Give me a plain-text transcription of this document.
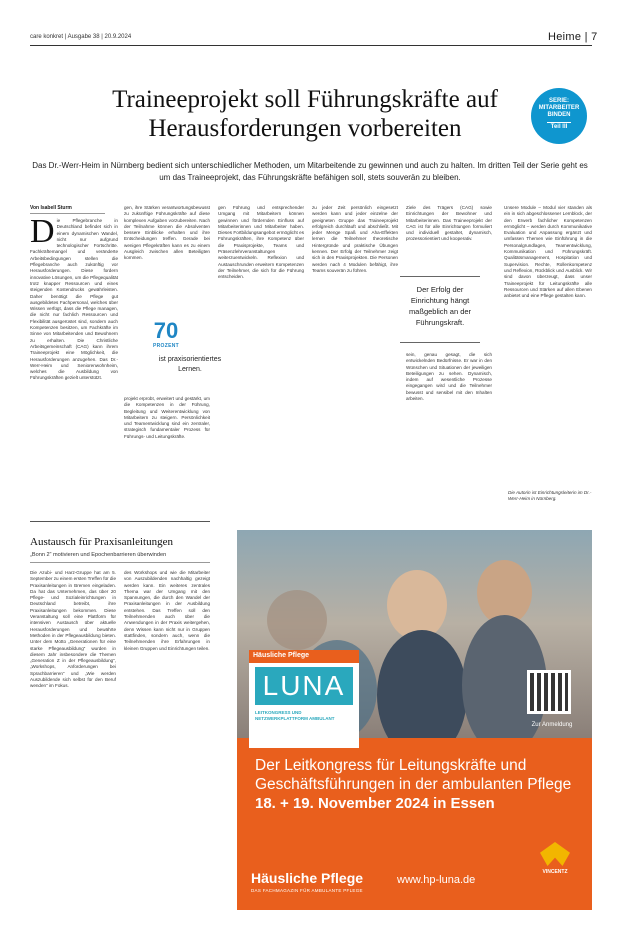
care konkret | Ausgabe 38 | 20.9.2024	Heime | 7
Traineeprojekt soll Führungskräfte auf Herausforderungen vorbereiten
SERIE:
MITARBEITER
BINDEN
Teil III

Das Dr.-Werr-Heim in Nürnberg bedient sich unterschiedlicher Methoden, um Mitarbeitende zu gewinnen und auch zu halten. Im dritten Teil der Serie geht es um das Traineeprojekt, das Führungskräfte befähigen soll, stets souverän zu bleiben.

Von Isabell Sturm
Die Pflegebranche in Deutschland befindet sich in einem dynamischen Wandel, nicht nur aufgrund technologischer Fortschritte. Fachkräftemangel und veränderte Arbeitsbedingungen stellen die Pflegebranche auch zukünftig vor Herausforderungen. Diese fordern innovative Lösungen, um die Pflegequalität trotz knapper Ressourcen und eines steigenden Kostendrucks gewährleisten. Daher benötigt die Pflege gut ausgebildetes Fachpersonal, welches über Wissen verfügt, dass die Pflege managen, die nicht nur fachlich Ressourcen und Flexibilität ausgerüstet sind, sondern auch Kompetenzen besitzen, um Fachkräfte im Sinne von Mitarbeitenden und Bewohnern zu erhalten. Die Christliche Arbeitsgemeinschaft (CAG) kann ihrem Traineeprojekt eine Möglichkeit, die Herausforderungen anzugehen. Das Dr.-Werr-Heim und Seniorenwohnheim, welches die Ausbildung von Führungskräften gezielt unterstützt.
gen, ihre Stärken verantwortungsbewusst zu zukünftige Führungskräfte auf diese komplexen Aufgaben vorzubereiten. Nach der Teilnahme können die Absolventen bessere Einblicke erhalten und ihre Entscheidungen treffen. Gerade bei wenigen Pflegekräften kann es zu einem Ausgleich zwischen allen Beteiligten kommen.
70
PROZENT
ist praxisorientiertes Lernen.
projekt erprobt, erweitert und gestärkt, um die Kompetenzen in der Führung, Begleitung und Weiterentwicklung von Mitarbeitern zu steigern. Persönlichkeit und Teamentwicklung sind ein zentraler, strategisch fundamentaler Prozess für Führungs- und Leitungskräfte.
gen Führung und entsprechender Umgang mit Mitarbeitern können gewinnen und fördernden Einfluss auf Mitarbeiterinnen und Mitarbeiter haben. Dieses Fortbildungsangebot ermöglicht es Führungskräften, ihre Kompetenz über die Praxisprojekte, Teams und Präsenzlehrveranstaltungen weiterzuentwickeln. Reflexion und Austauschrunden erweitern Kompetenzen der Teilnehmer, die sich für die Führung entscheiden.
zu jeder Zeit persönlich eingesetzt werden kann und jeder einzelne der geeigneten Gruppe das Traineeprojekt erfolgreich durchläuft und abschließt. Mit jeder Menge Spaß und Aha-Effekten lernen die Teilnehmer theoretische Hintergründe und praktische Übungen kennen. Der Erfolg der Teilnehmer zeigt sich in den Praxisprojekten. Die Personen werden nach 4 Modulen befähigt, ihre Teams souverän zu führen.
Ziele des Trägers (CAG) sowie Einrichtungen der Bewohner und Mitarbeiterinnen. Das Traineeprojekt der CAG ist für alle Einrichtungen formuliert und individuell gestaltet, dynamisch, prozessorientiert und kooperativ.
Der Erfolg der Einrichtung hängt maßgeblich an der Führungskraft.
sein, genau gesagt, die sich entwickelnden Bedürfnisse. Er war in den Wünschen und Situationen der jeweiligen Beteiligungen zu sehen. Dynamisch, indem auf wesentliche Prozesse eingegangen wird und die Teilnehmer bewusst und sensibel mit den Inhalten arbeiten.
Unsere Module – Modul vier standen als ein in sich abgeschlossener Lernblock, der den Erwerb fachlicher Kompetenzen ermöglicht – werden durch Kommunikative Evaluation und Anpassung ergänzt und umfassen Themen wie Einführung in die Personalgrundlagen, Teamentwicklung, Kommunikation und Führungskräft. Qualitätsmanagement, Hospitation und Supervision. Rechte, Rollenkompetenz und Reflexion, Rückblick und Ausblick. Wir sind davon überzeugt, dass unser Traineeprojekt für Leitungskräfte alle Ressourcen und Stärken auf allen Ebenen anbietet und eine Pflege gestalten kann.
Die Autorin ist Einrichtungsleiterin im Dr.-Werr-Heim in Nürnberg.
Austausch für Praxisanleitungen
„Bonn 2“ motivieren und Epochenbarrieren überwinden
Die Azubi- und Harz-Gruppe hat am 5. September zu einem ersten Treffen für die Praxisanleitungen in Bremen eingeladen. Da hat das Unternehmen, das über 20 Pflege- und Sozialeinrichtungen in Deutschland betreibt, ihre Praxisanleitungen bekommen. Diese Veranstaltung soll eine Plattform für intensiven Austausch über aktuelle Herausforderungen und bewährte Methoden in der Pflegeausbildung bieten. Unter dem Motto „Generationen für eine starke Pflegeausbildung“ wurden in diesem Jahr insbesondere die Themen „Generation Z in der Pflegeausbildung“, „Workshops, Anforderungen bei Sprachbarrieren“ und „Wie werden Auszubildende sich selbst für den Beruf wenden“ im Fokus.
des Workshops und wie die Mitarbeiter von Auszubildenden nachhaltig gezeigt werden kann. Ein weiteres zentrales Thema war der Umgang mit den Spannungen, die durch den Wandel der Praxisanleitungen in der Ausbildung entstehen. Das Treffen soll den Teilnehmenden auch über die Anwendungen in der Praxis weitergehen, denn Wissen kann nicht nur in Gruppen stattfinden, sondern auch, wenn die Teilnehmenden ihre Erfahrungen in kleinen Gruppen und Einrichtungen teilen.
Häusliche Pflege
LUNA
LEITKONGRESS UND NETZWERKPLATTFORM AMBULANT
Zur Anmeldung
Der Leitkongress für Leitungskräfte und Geschäftsführungen in der ambulanten Pflege
18. + 19. November 2024 in Essen
VINCENTZ
Häusliche Pflege
DAS FACHMAGAZIN FÜR AMBULANTE PFLEGE
www.hp-luna.de
